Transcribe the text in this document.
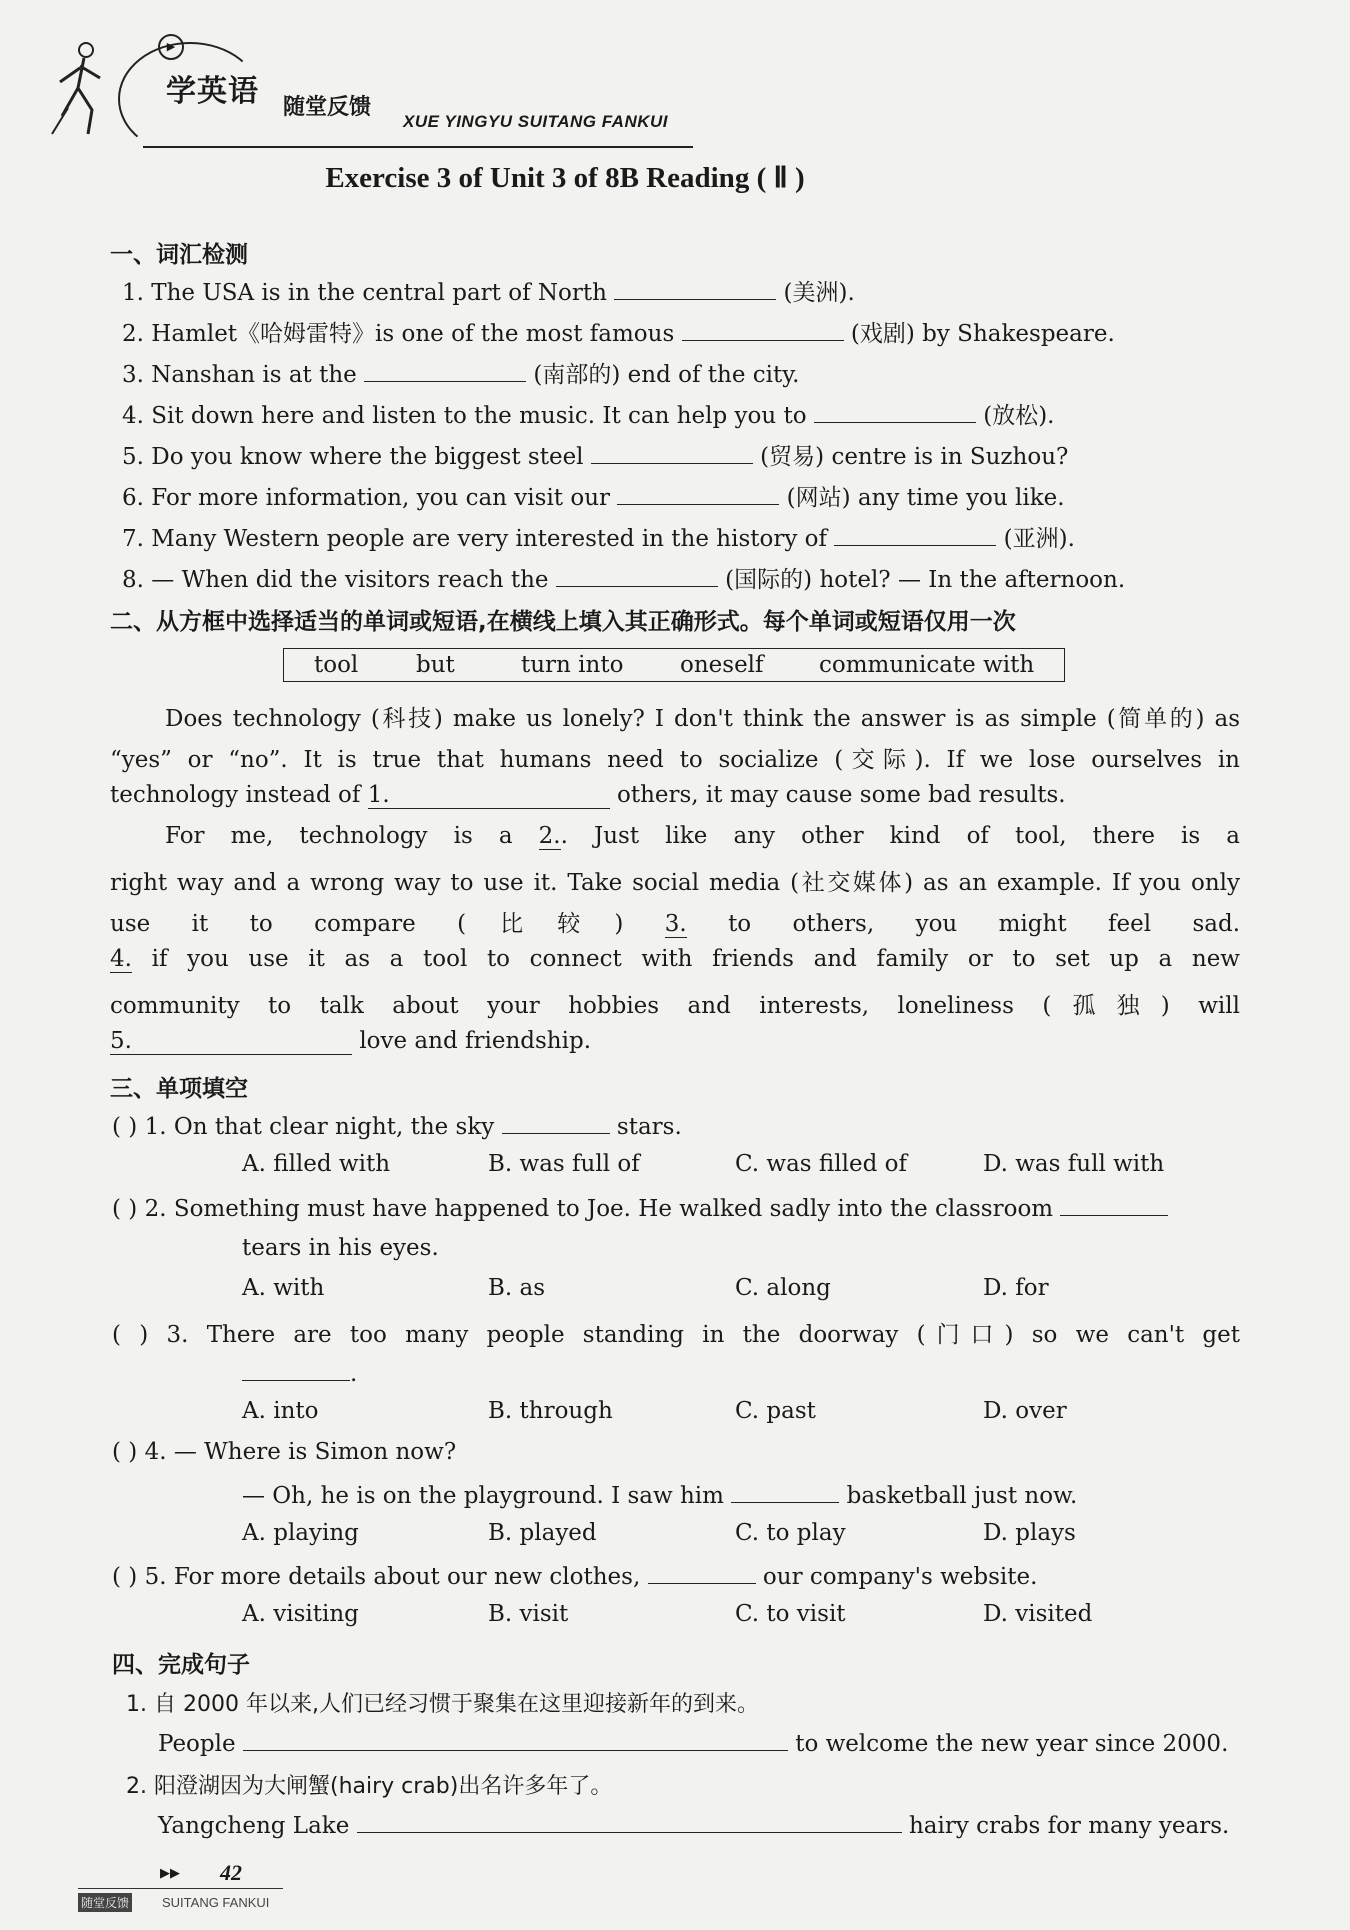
▶
学英语 随堂反馈
XUE YINGYU SUITANG FANKUI
Exercise 3 of Unit 3 of 8B Reading ( Ⅱ )
一、词汇检测
1. The USA is in the central part of North	(美洲).
2. Hamlet《哈姆雷特》is one of the most famous	(戏剧) by Shakespeare.
3. Nanshan is at the	(南部的) end of the city.
4. Sit down here and listen to the music. It can help you to	(放松).
5. Do you know where the biggest steel	(贸易) centre is in Suzhou?
6. For more information, you can visit our	(网站) any time you like.
7. Many Western people are very interested in the history of	(亚洲).
8. — When did the visitors reach the	(国际的) hotel? — In the afternoon.
二、从方框中选择适当的单词或短语,在横线上填入其正确形式。每个单词或短语仅用一次
tool	but	turn into oneself communicate with
Does technology (科技) make us lonely? I don't think the answer is as simple (简单的) as
“yes” or “no”. It is true that humans need to socialize (交际). If we lose ourselves in
technology instead of 1.	others, it may cause some bad results.
For me, technology is a 2.. Just like any other kind of tool, there is a
right way and a wrong way to use it. Take social media (社交媒体) as an example. If you only
use it to compare (比较) 3. to others, you might feel sad.
4. if you use it as a tool to connect with friends and family or to set up a new
community to talk about your hobbies and interests, loneliness (孤独) will
5.	love and friendship.
三、单项填空
( ) 1. On that clear night, the sky	stars.
A. filled with	B. was full of	C. was filled of	D. was full with
( ) 2. Something must have happened to Joe. He walked sadly into the classroom
tears in his eyes.
A. with	B. as	C. along	D. for
( ) 3. There are too many people standing in the doorway (门口) so we can't get
.
A. into	B. through	C. past	D. over
( ) 4. — Where is Simon now?
— Oh, he is on the playground. I saw him	basketball just now.
A. playing	B. played	C. to play	D. plays
( ) 5. For more details about our new clothes,	our company's website.
A. visiting	B. visit	C. to visit	D. visited
四、完成句子
1. 自 2000 年以来,人们已经习惯于聚集在这里迎接新年的到来。
People	to welcome the new year since 2000.
2. 阳澄湖因为大闸蟹(hairy crab)出名许多年了。
Yangcheng Lake	hairy crabs for many years.
▶▶ 42
随堂反馈	SUITANG FANKUI
